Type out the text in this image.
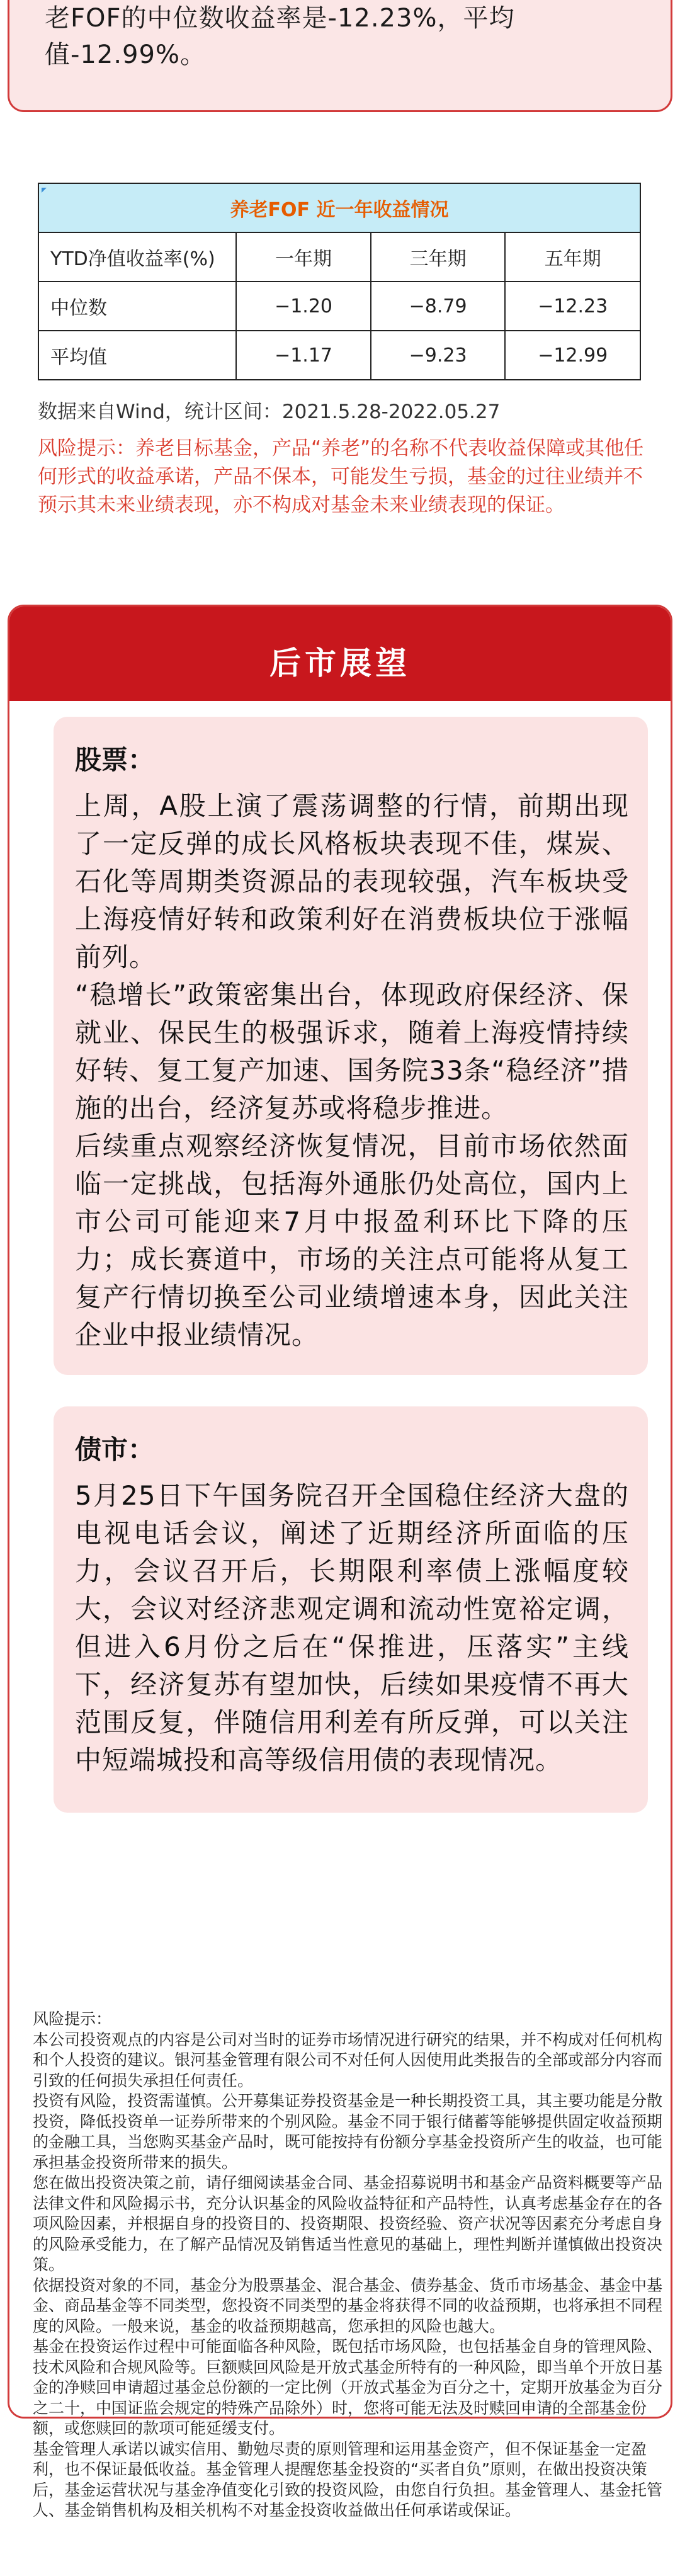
老FOF的中位数收益率是-12.23%，平均值-12.99%。

养老FOF 近一年收益情况			
YTD净值收益率(%)	一年期	三年期	五年期
中位数	−1.20	−8.79	−12.23
平均值	−1.17	−9.23	−12.99

数据来自Wind，统计区间：2021.5.28-2022.05.27

风险提示：养老目标基金，产品“养老”的名称不代表收益保障或其他任何形式的收益承诺，产品不保本，可能发生亏损，基金的过往业绩并不预示其未来业绩表现，亦不构成对基金未来业绩表现的保证。

后市展望

股票：

上周，A股上演了震荡调整的行情，前期出现了一定反弹的成长风格板块表现不佳，煤炭、石化等周期类资源品的表现较强，汽车板块受上海疫情好转和政策利好在消费板块位于涨幅前列。

“稳增长”政策密集出台，体现政府保经济、保就业、保民生的极强诉求，随着上海疫情持续好转、复工复产加速、国务院33条“稳经济”措施的出台，经济复苏或将稳步推进。

后续重点观察经济恢复情况，目前市场依然面临一定挑战，包括海外通胀仍处高位，国内上市公司可能迎来7月中报盈利环比下降的压力；成长赛道中，市场的关注点可能将从复工复产行情切换至公司业绩增速本身，因此关注企业中报业绩情况。

债市：

5月25日下午国务院召开全国稳住经济大盘的电视电话会议，阐述了近期经济所面临的压力，会议召开后，长期限利率债上涨幅度较大，会议对经济悲观定调和流动性宽裕定调，但进入6月份之后在“保推进，压落实”主线下，经济复苏有望加快，后续如果疫情不再大范围反复，伴随信用利差有所反弹，可以关注中短端城投和高等级信用债的表现情况。

风险提示：

本公司投资观点的内容是公司对当时的证券市场情况进行研究的结果，并不构成对任何机构和个人投资的建议。银河基金管理有限公司不对任何人因使用此类报告的全部或部分内容而引致的任何损失承担任何责任。

投资有风险，投资需谨慎。公开募集证券投资基金是一种长期投资工具，其主要功能是分散投资，降低投资单一证券所带来的个别风险。基金不同于银行储蓄等能够提供固定收益预期的金融工具，当您购买基金产品时，既可能按持有份额分享基金投资所产生的收益，也可能承担基金投资所带来的损失。

您在做出投资决策之前，请仔细阅读基金合同、基金招募说明书和基金产品资料概要等产品法律文件和风险揭示书，充分认识基金的风险收益特征和产品特性，认真考虑基金存在的各项风险因素，并根据自身的投资目的、投资期限、投资经验、资产状况等因素充分考虑自身的风险承受能力，在了解产品情况及销售适当性意见的基础上，理性判断并谨慎做出投资决策。

依据投资对象的不同，基金分为股票基金、混合基金、债券基金、货币市场基金、基金中基金、商品基金等不同类型，您投资不同类型的基金将获得不同的收益预期，也将承担不同程度的风险。一般来说，基金的收益预期越高，您承担的风险也越大。

基金在投资运作过程中可能面临各种风险，既包括市场风险，也包括基金自身的管理风险、技术风险和合规风险等。巨额赎回风险是开放式基金所特有的一种风险，即当单个开放日基金的净赎回申请超过基金总份额的一定比例（开放式基金为百分之十，定期开放基金为百分之二十，中国证监会规定的特殊产品除外）时，您将可能无法及时赎回申请的全部基金份额，或您赎回的款项可能延缓支付。

基金管理人承诺以诚实信用、勤勉尽责的原则管理和运用基金资产，但不保证基金一定盈利，也不保证最低收益。基金管理人提醒您基金投资的“买者自负”原则，在做出投资决策后，基金运营状况与基金净值变化引致的投资风险，由您自行负担。基金管理人、基金托管人、基金销售机构及相关机构不对基金投资收益做出任何承诺或保证。
